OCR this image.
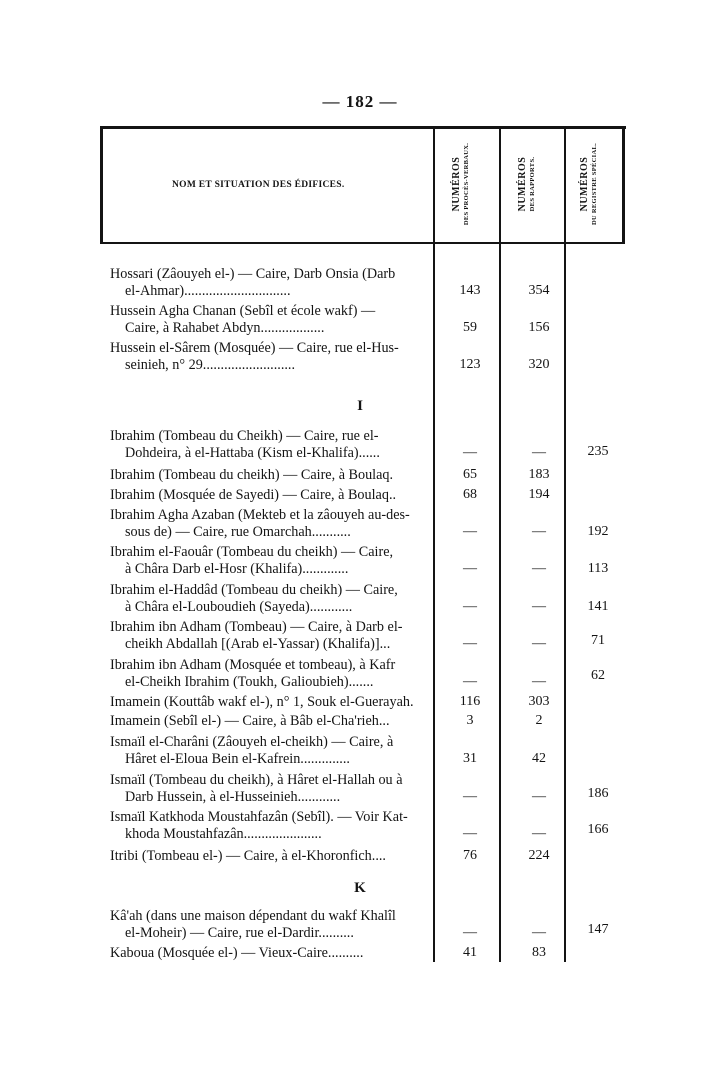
— 182 —
NOM ET SITUATION DES ÉDIFICES.	NUMÉROS DES PROCÈS-VERBAUX.	NUMÉROS DES RAPPORTS.	NUMÉROS DU REGISTRE SPÉCIAL.
Hossari (Zâouyeh el-) — Caire, Darb Onsia (Darb
el-Ahmar)..............................	143	354
Hussein Agha Chanan (Sebîl et école wakf) —
Caire, à Rahabet Abdyn..................	59	156
Hussein el-Sârem (Mosquée) — Caire, rue el-Hus-
seinieh, n° 29..........................	123	320
I
Ibrahim (Tombeau du Cheikh) — Caire, rue el-
Dohdeira, à el-Hattaba (Kism el-Khalifa)......	—	—	235
Ibrahim (Tombeau du cheikh) — Caire, à Boulaq.	65	183
Ibrahim (Mosquée de Sayedi) — Caire, à Boulaq..	68	194
Ibrahim Agha Azaban (Mekteb et la zâouyeh au-des-
sous de) — Caire, rue Omarchah...........	—	—	192
Ibrahim el-Faouâr (Tombeau du cheikh) — Caire,
à Châra Darb el-Hosr (Khalifa).............	—	—	113
Ibrahim el-Haddâd (Tombeau du cheikh) — Caire,
à Châra el-Louboudieh (Sayeda)............	—	—	141
Ibrahim ibn Adham (Tombeau) — Caire, à Darb el-
cheikh Abdallah [(Arab el-Yassar) (Khalifa)]...	—	—	71
Ibrahim ibn Adham (Mosquée et tombeau), à Kafr
el-Cheikh Ibrahim (Toukh, Galioubieh).......	—	—	62
Imamein (Kouttâb wakf el-), n° 1, Souk el-Guerayah.	116	303
Imamein (Sebîl el-) — Caire, à Bâb el-Cha'rieh...	3	2
Ismaïl el-Charâni (Zâouyeh el-cheikh) — Caire, à
Hâret el-Eloua Bein el-Kafrein..............	31	42
Ismaïl (Tombeau du cheikh), à Hâret el-Hallah ou à
Darb Hussein, à el-Husseinieh............	—	—	186
Ismaïl Katkhoda Moustahfazân (Sebîl). — Voir Kat-
khoda Moustahfazân......................	—	—	166
Itribi (Tombeau el-) — Caire, à el-Khoronfich....	76	224
K
Kâ'ah (dans une maison dépendant du wakf Khalîl
el-Moheir) — Caire, rue el-Dardir..........	—	—	147
Kaboua (Mosquée el-) — Vieux-Caire..........	41	83
